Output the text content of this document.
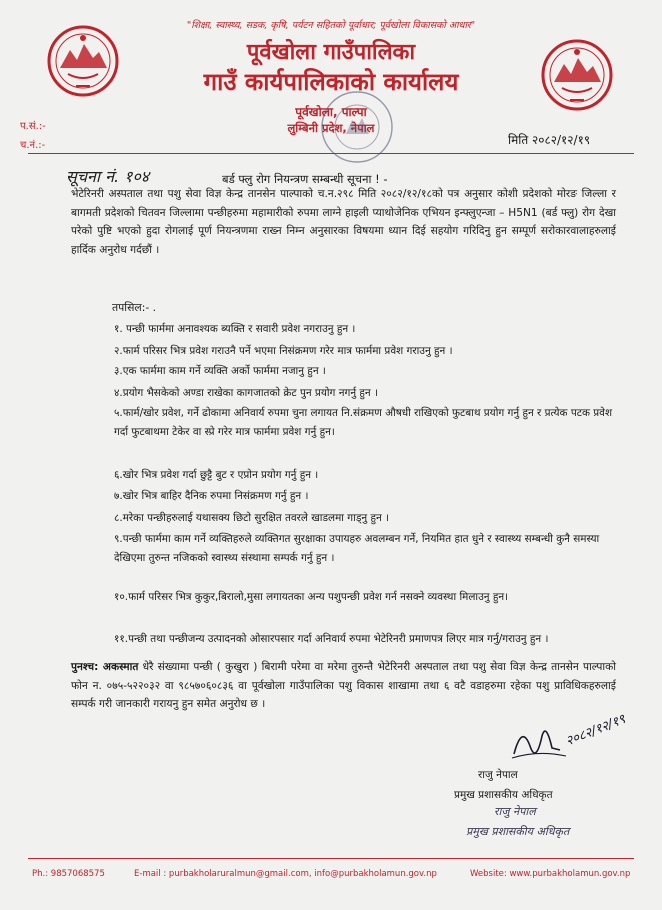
"शिक्षा, स्वास्थ्य, सडक, कृषि, पर्यटन सहितको पूर्वाधार; पूर्वखोला विकासको आधार"
पूर्वखोला गाउँपालिका
गाउँ कार्यपालिकाको कार्यालय
पूर्वखोला, पाल्पा
लुम्बिनी प्रदेश, नेपाल
प.सं.:-
च.नं.:-	मिति २०८२/१२/१९
सूचना नं. १०४	बर्ड फ्लु रोग नियन्त्रण सम्बन्धी सूचना ! -
भेटेरिनरी अस्पताल तथा पशु सेवा विज्ञ केन्द्र तानसेन पाल्पाको च.न.२९८ मिति २०८२/१२/१८को पत्र अनुसार कोशी प्रदेशको मोरङ जिल्ला र बागमती प्रदेशको चितवन जिल्लामा पन्छीहरुमा महामारीको रुपमा लाग्ने हाइली प्याथोजेनिक एभियन इन्फ्लुएन्जा – H5N1 (बर्ड फ्लु) रोग देखा परेको पुष्टि भएको हुदा रोगलाई पूर्ण नियन्त्रणमा राख्न निम्न अनुसारका विषयमा ध्यान दिई सहयोग गरिदिनु हुन सम्पूर्ण सरोकारवालाहरुलाई हार्दिक अनुरोध गर्दछौं ।
तपसिल:- .
१. पन्छी फार्ममा अनावश्यक ब्यक्ति र सवारी प्रवेश नगराउनु हुन ।
२.फार्म परिसर भित्र प्रवेश गराउनै पर्ने भएमा निसंक्रमण गरेर मात्र फार्ममा प्रवेश गराउनु हुन ।
३.एक फार्ममा काम गर्ने व्यक्ति अर्को फार्ममा नजानु हुन ।
४.प्रयोग भैसकेको अण्डा राखेका कागजातको क्रेट पुन प्रयोग नगर्नु हुन ।
५.फार्म/खोर प्रवेश, गर्ने ढोकामा अनिवार्य रुपमा चुना लगायत नि.संक्रमण औषधी राखिएको फुटबाथ प्रयोग गर्नु हुन र प्रत्येक पटक प्रवेश गर्दा फुटबाथमा टेकेर वा स्प्रे गरेर मात्र फार्ममा प्रवेश गर्नु हुन।
६.खोर भित्र प्रवेश गर्दा छुट्टै बुट र एप्रोन प्रयोग गर्नु हुन ।
७.खोर भित्र बाहिर दैनिक रुपमा निसंक्रमण गर्नु हुन ।
८.मरेका पन्छीहरुलाई यथासक्य छिटो सुरक्षित तवरले खाडलमा गाड्नु हुन ।
९.पन्छी फार्ममा काम गर्ने व्यक्तिहरुले व्यक्तिगत सुरक्षाका उपायहरु अवलम्बन गर्ने, नियमित हात धुने र स्वास्थ्य सम्बन्धी कुनै समस्या देखिएमा तुरुन्त नजिकको स्वास्थ्य संस्थामा सम्पर्क गर्नु हुन ।
१०.फार्म परिसर भित्र कुकुर,बिरालो,मुसा लगायतका अन्य पशुपन्छी प्रवेश गर्न नसक्ने व्यवस्था मिलाउनु हुन।
११.पन्छी तथा पन्छीजन्य उत्पादनको ओसारपसार गर्दा अनिवार्य रुपमा भेटेरिनरी प्रमाणपत्र लिएर मात्र गर्नु/गराउनु हुन ।
पुनश्च: अकस्मात धेरै संख्यामा पन्छी ( कुखुरा ) बिरामी परेमा वा मरेमा तुरुन्तै भेटेरिनरी अस्पताल तथा पशु सेवा विज्ञ केन्द्र तानसेन पाल्पाको फोन न. ०७५-५२२०३२ वा ९८५७०६०८३६ वा पूर्वखोला गाउँपालिका पशु विकास शाखामा तथा ६ वटै वडाहरुमा रहेका पशु प्राविधिकहरुलाई सम्पर्क गरी जानकारी गरायनु हुन समेत अनुरोध छ ।
२०८२/१२/१९
राजु नेपाल
प्रमुख प्रशासकीय अधिकृत
राजु नेपाल
प्रमुख प्रशासकीय अधिकृत
Ph.: 9857068575	E-mail : purbakholaruralmun@gmail.com, info@purbakholamun.gov.np	Website: www.purbakholamun.gov.np
